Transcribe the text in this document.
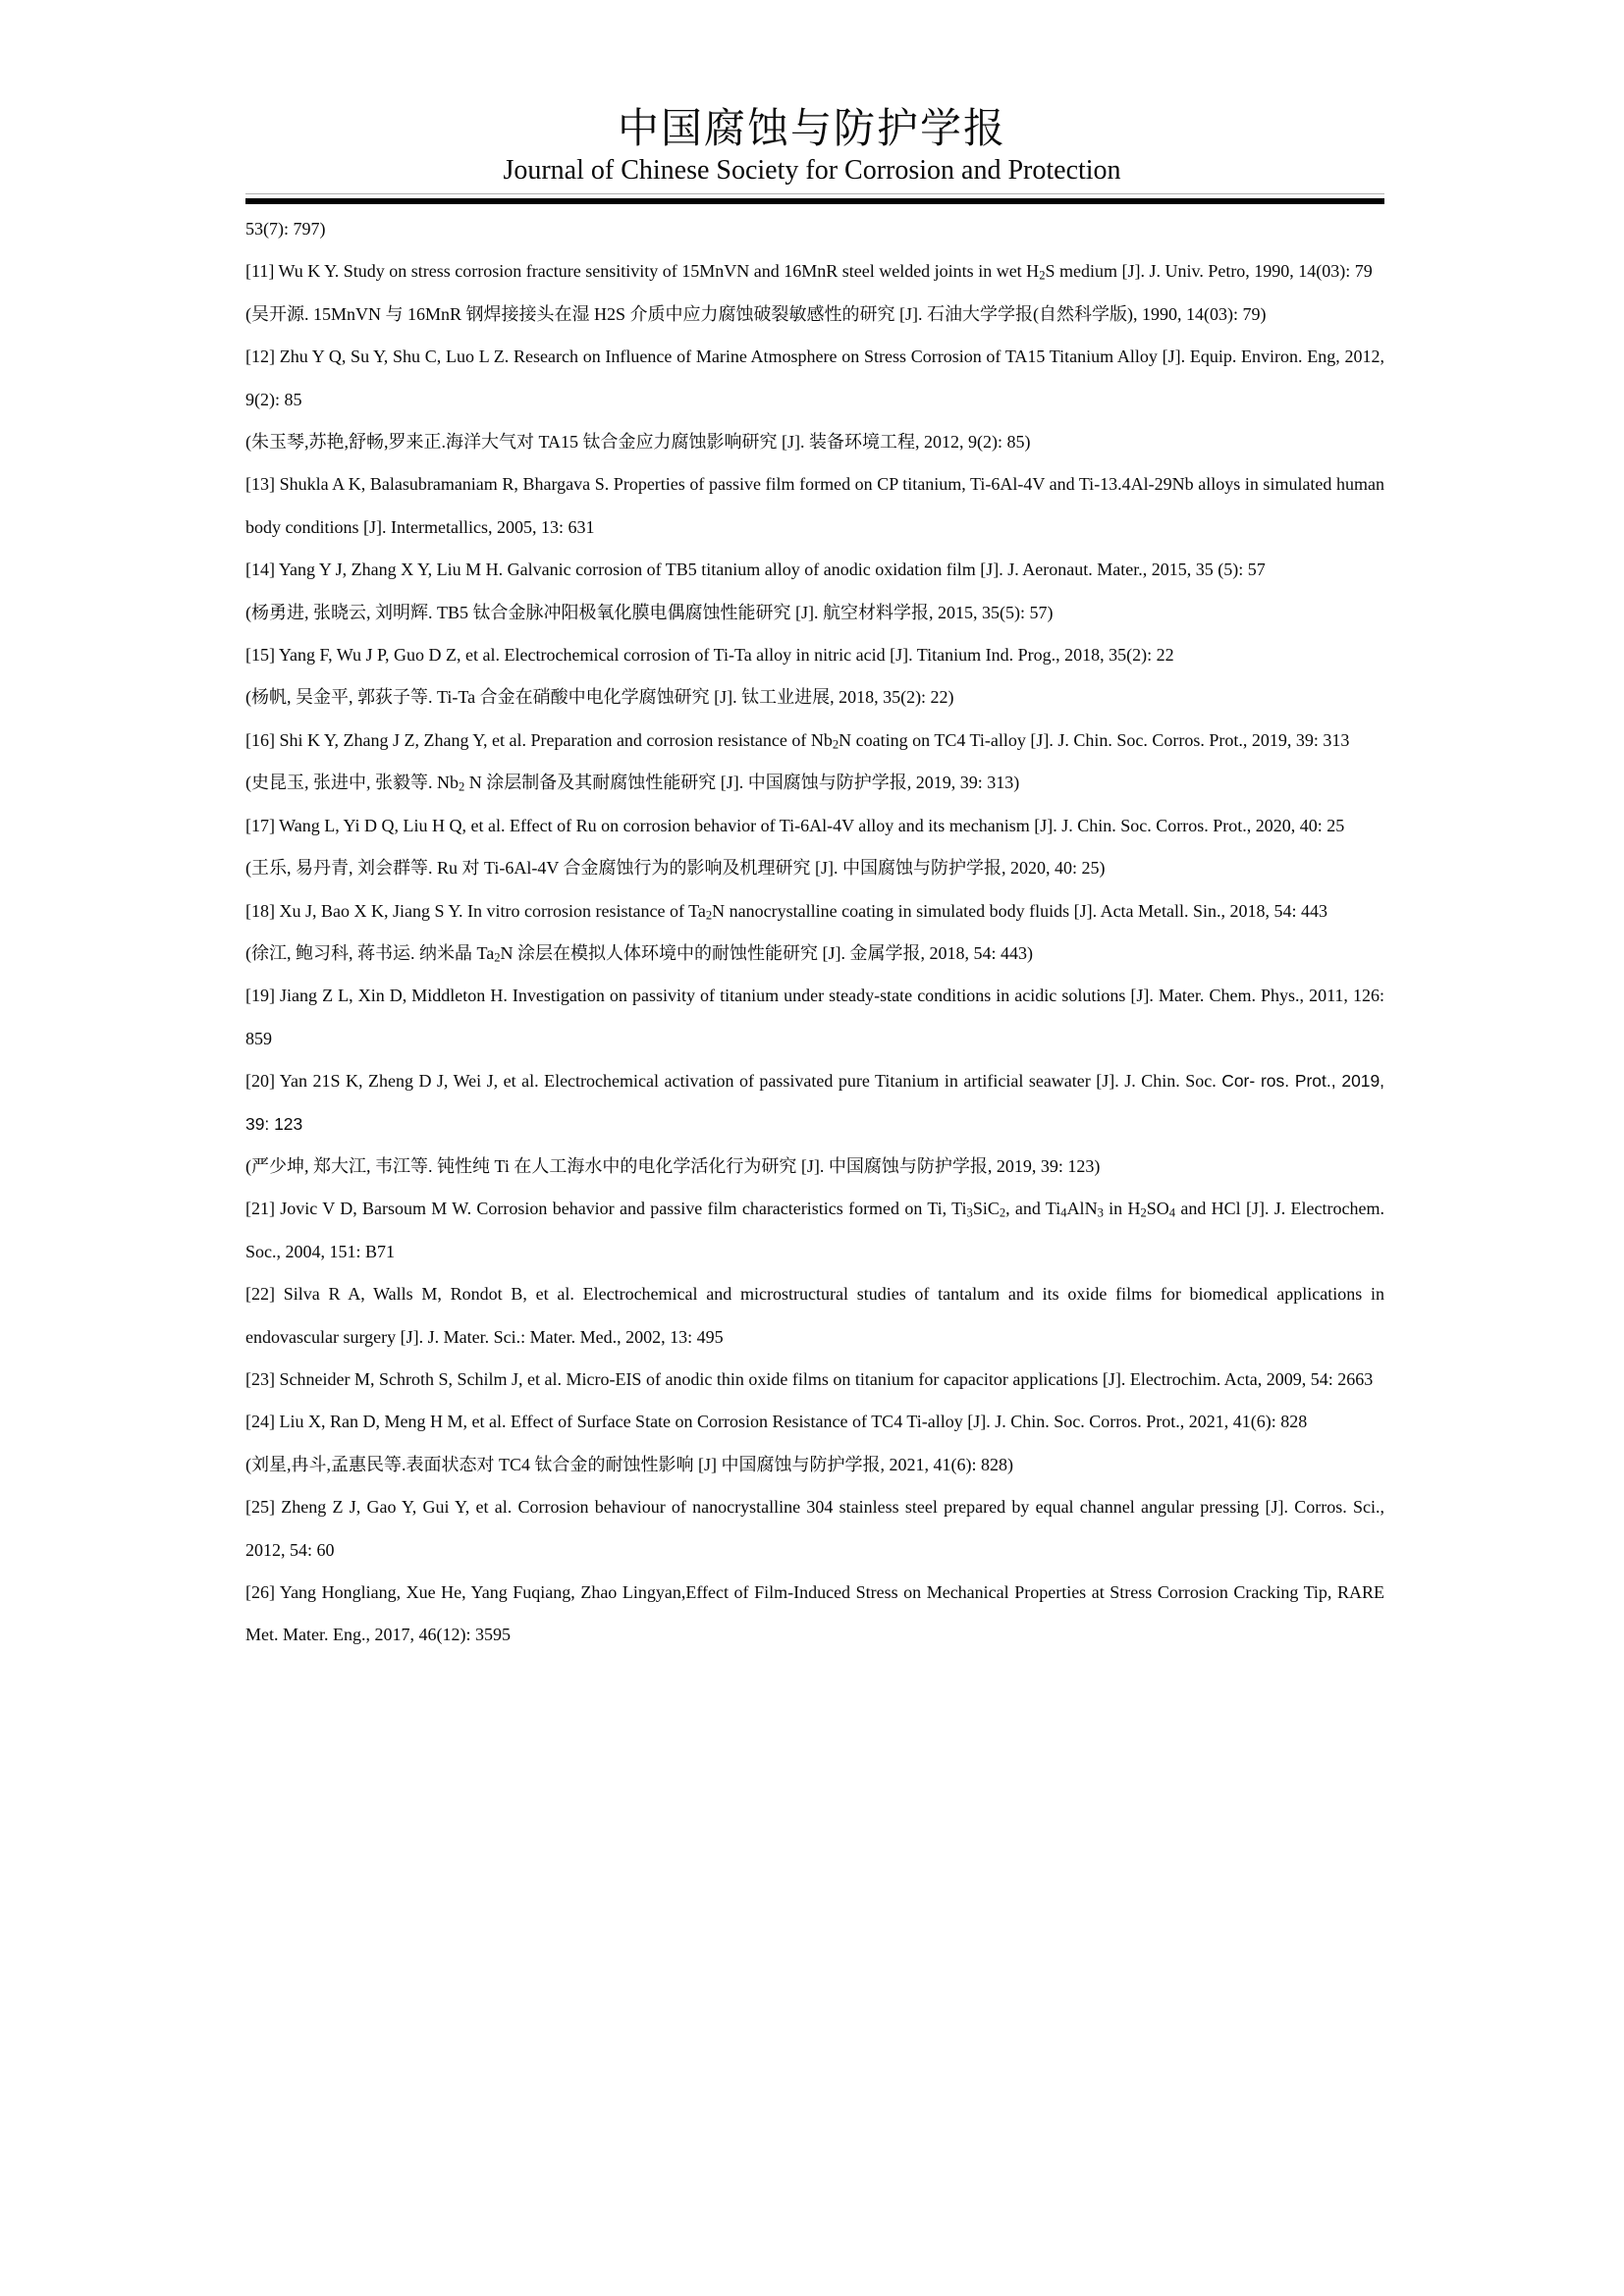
中国腐蚀与防护学报
Journal of Chinese Society for Corrosion and Protection

53(7): 797)

[11] Wu K Y. Study on stress corrosion fracture sensitivity of 15MnVN and 16MnR steel welded joints in wet $H_2S$ medium [J]. J. Univ. Petro, 1990, 14(03): 79

(吴开源. 15MnVN 与 16MnR 钢焊接接头在湿 H2S 介质中应力腐蚀破裂敏感性的研究 [J]. 石油大学学报(自然科学版), 1990, 14(03): 79)

[12] Zhu Y Q, Su Y, Shu C, Luo L Z. Research on Influence of Marine Atmosphere on Stress Corrosion of TA15 Titanium Alloy [J]. Equip. Environ. Eng, 2012, 9(2): 85

(朱玉琴,苏艳,舒畅,罗来正.海洋大气对 TA15 钛合金应力腐蚀影响研究 [J]. 装备环境工程, 2012, 9(2): 85)

[13] Shukla A K, Balasubramaniam R, Bhargava S. Properties of passive film formed on CP titanium, Ti-6Al-4V and Ti-13.4Al-29Nb alloys in simulated human body conditions [J]. Intermetallics, 2005, 13: 631

[14] Yang Y J, Zhang X Y, Liu M H. Galvanic corrosion of TB5 titanium alloy of anodic oxidation film [J]. J. Aeronaut. Mater., 2015, 35 (5): 57

(杨勇进, 张晓云, 刘明辉. TB5 钛合金脉冲阳极氧化膜电偶腐蚀性能研究 [J]. 航空材料学报, 2015, 35(5): 57)

[15] Yang F, Wu J P, Guo D Z, et al. Electrochemical corrosion of Ti-Ta alloy in nitric acid [J]. Titanium Ind. Prog., 2018, 35(2): 22

(杨帆, 吴金平, 郭荻子等. Ti-Ta 合金在硝酸中电化学腐蚀研究 [J]. 钛工业进展, 2018, 35(2): 22)

[16] Shi K Y, Zhang J Z, Zhang Y, et al. Preparation and corrosion resistance of $Nb_2N$ coating on TC4 Ti-alloy [J]. J. Chin. Soc. Corros. Prot., 2019, 39: 313

(史昆玉, 张进中, 张毅等. $Nb_2$ N 涂层制备及其耐腐蚀性能研究 [J]. 中国腐蚀与防护学报, 2019, 39: 313)

[17] Wang L, Yi D Q, Liu H Q, et al. Effect of Ru on corrosion behavior of Ti-6Al-4V alloy and its mechanism [J]. J. Chin. Soc. Corros. Prot., 2020, 40: 25

(王乐, 易丹青, 刘会群等. Ru 对 Ti-6Al-4V 合金腐蚀行为的影响及机理研究 [J]. 中国腐蚀与防护学报, 2020, 40: 25)

[18] Xu J, Bao X K, Jiang S Y. In vitro corrosion resistance of $Ta_2N$ nanocrystalline coating in simulated body fluids [J]. Acta Metall. Sin., 2018, 54: 443

(徐江, 鲍习科, 蒋书运. 纳米晶 $Ta_2N$ 涂层在模拟人体环境中的耐蚀性能研究 [J]. 金属学报, 2018, 54: 443)

[19] Jiang Z L, Xin D, Middleton H. Investigation on passivity of titanium under steady-state conditions in acidic solutions [J]. Mater. Chem. Phys., 2011, 126: 859

[20] Yan 21S K, Zheng D J, Wei J, et al. Electrochemical activation of passivated pure Titanium in artificial seawater [J]. J. Chin. Soc. Cor- ros. Prot., 2019, 39: 123

(严少坤, 郑大江, 韦江等. 钝性纯 Ti 在人工海水中的电化学活化行为研究 [J]. 中国腐蚀与防护学报, 2019, 39: 123)

[21] Jovic V D, Barsoum M W. Corrosion behavior and passive film characteristics formed on Ti, $Ti_3SiC_2$, and $Ti_4AlN_3$ in $H_2SO_4$ and HCl [J]. J. Electrochem. Soc., 2004, 151: B71

[22] Silva R A, Walls M, Rondot B, et al. Electrochemical and microstructural studies of tantalum and its oxide films for biomedical applications in endovascular surgery [J]. J. Mater. Sci.: Mater. Med., 2002, 13: 495

[23] Schneider M, Schroth S, Schilm J, et al. Micro-EIS of anodic thin oxide films on titanium for capacitor applications [J]. Electrochim. Acta, 2009, 54: 2663

[24] Liu X, Ran D, Meng H M, et al. Effect of Surface State on Corrosion Resistance of TC4 Ti-alloy [J]. J. Chin. Soc. Corros. Prot., 2021, 41(6): 828

(刘星,冉斗,孟惠民等.表面状态对 TC4 钛合金的耐蚀性影响 [J] 中国腐蚀与防护学报, 2021, 41(6): 828)

[25] Zheng Z J, Gao Y, Gui Y, et al. Corrosion behaviour of nanocrystalline 304 stainless steel prepared by equal channel angular pressing [J]. Corros. Sci., 2012, 54: 60

[26] Yang Hongliang, Xue He, Yang Fuqiang, Zhao Lingyan,Effect of Film-Induced Stress on Mechanical Properties at Stress Corrosion Cracking Tip, RARE Met. Mater. Eng., 2017, 46(12): 3595
